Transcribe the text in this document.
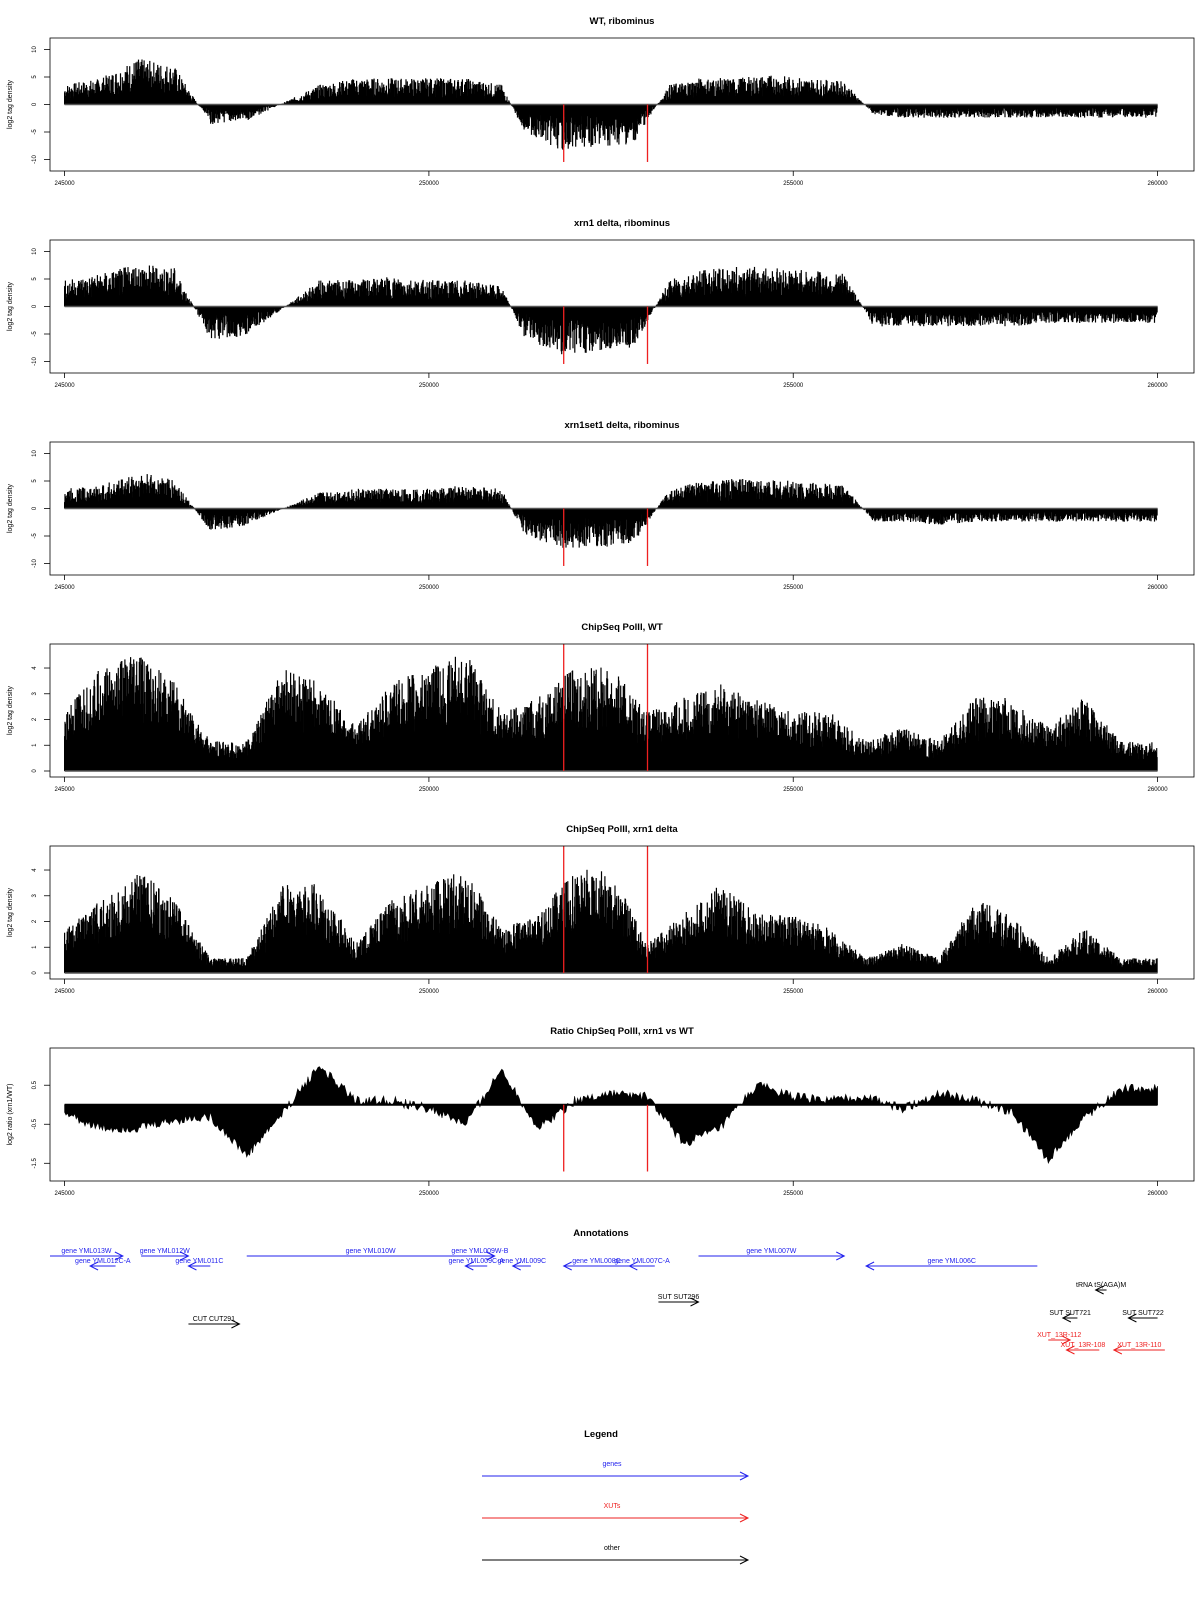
WT, ribominus
log2 tag density
10
5
0
-5
-10
245000	250000	255000	260000
xrn1 delta, ribominus
log2 tag density
10
5
0
-5
-10
245000	250000	255000	260000
xrn1set1 delta, ribominus
log2 tag density
10
5
0
-5
-10
245000	250000	255000	260000
ChipSeq PolII, WT
log2 tag density
0
1
2
3
4
245000	250000	255000	260000
ChipSeq PolII, xrn1 delta
log2 tag density
0
1
2
3
4
245000	250000	255000	260000
Ratio ChipSeq PolII, xrn1 vs WT
log2 ratio (xrn1/WT)	0.5
-0.5
-1.5
245000	250000	255000	260000
Annotations
gene YML013W
gene YML012C-A
gene YML012W
gene YML011C
gene YML010W	gene YML009W-B
gene YML009C-A
gene YML009C	gene YML008C
gene YML007C-A
gene YML007W
gene YML006C
tRNA tS(AGA)M
SUT SUT296
SUT SUT721	SUT SUT722
CUT CUT291
XUT_13R-112
XUT_13R-108 XUT_13R-110
Legend
genes
XUTs
other
